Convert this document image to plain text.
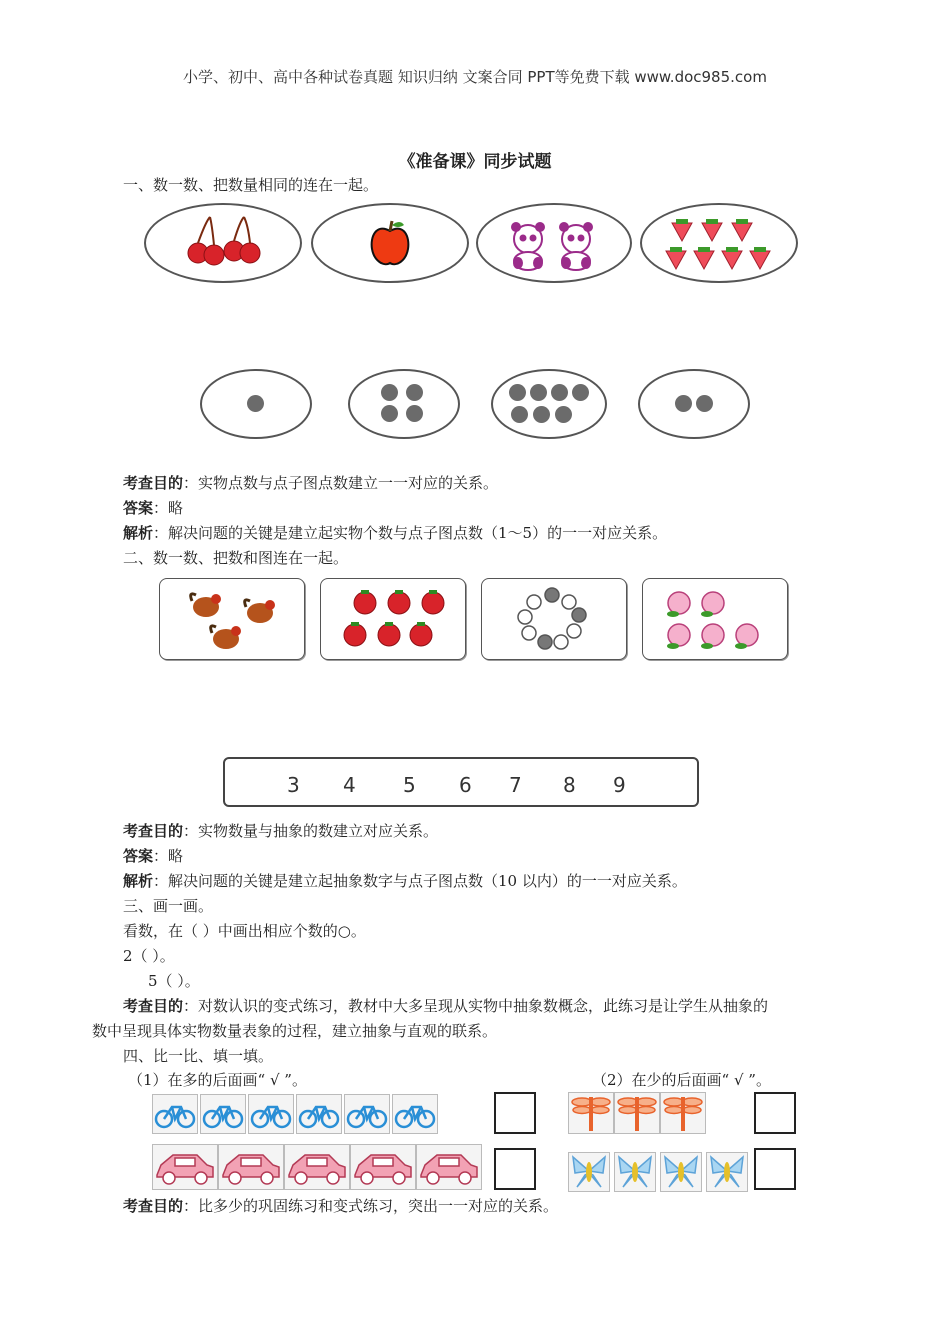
小学、初中、高中各种试卷真题 知识归纳 文案合同 PPT等免费下载 www.doc985.com
《准备课》同步试题
一、数一数、把数量相同的连在一起。
考查目的：实物点数与点子图点数建立一一对应的关系。
答案：略
解析：解决问题的关键是建立起实物个数与点子图点数（1～5）的一一对应关系。
二、数一数、把数和图连在一起。
3 4 5 6 7 8 9
考查目的：实物数量与抽象的数建立对应关系。
答案：略
解析：解决问题的关键是建立起抽象数字与点子图点数（10 以内）的一一对应关系。
三、画一画。
看数，在（ ）中画出相应个数的○。
2（ ）。
5（ ）。
考查目的：对数认识的变式练习，教材中大多呈现从实物中抽象数概念，此练习是让学生从抽象的
数中呈现具体实物数量表象的过程，建立抽象与直观的联系。
四、比一比、填一填。
（1）在多的后面画“ √ ”。	（2）在少的后面画“ √ ”。
考查目的：比多少的巩固练习和变式练习，突出一一对应的关系。
